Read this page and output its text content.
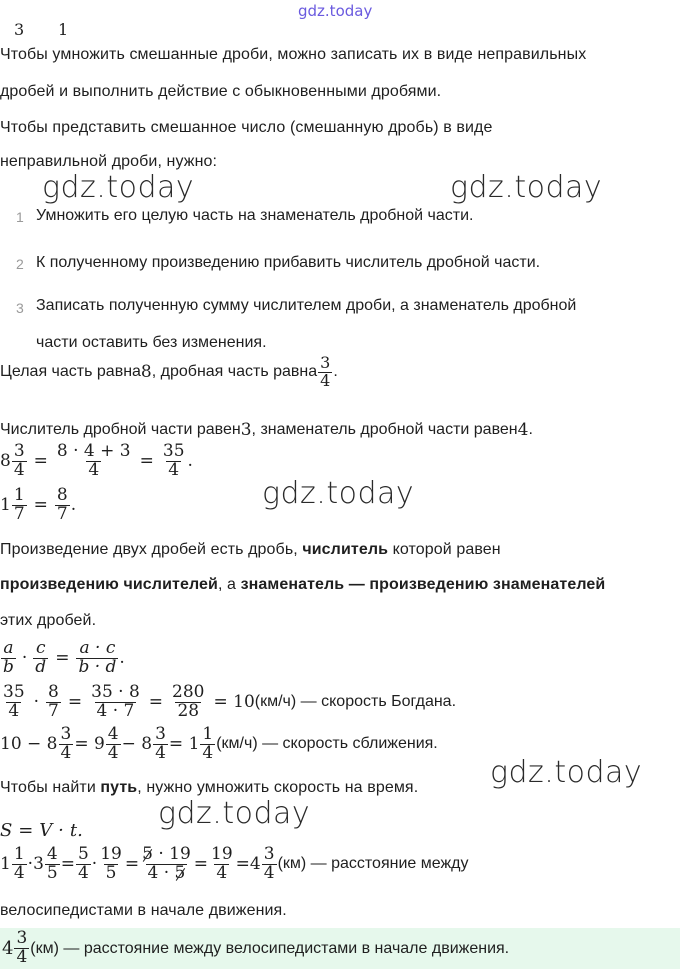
3 1
gdz.today
Чтобы умножить смешанные дроби, можно записать их в виде неправильных
дробей и выполнить действие с обыкновенными дробями.
Чтобы представить смешанное число (смешанную дробь) в виде
неправильной дроби, нужно:
gdz.today	gdz.today
gdz.today
gdz.today
gdz.today
1 Умножить его целую часть на знаменатель дробной части.
2 К полученному произведению прибавить числитель дробной части.
3 Записать полученную сумму числителем дроби, а знаменатель дробной
части оставить без изменения.
Целая часть равна 8 , дробная часть равна $\frac{3}{4}$ .
Числитель дробной части равен 3 , знаменатель дробной части равен 4 .
$8 \frac{3}{4} = \frac{8 \cdot 4 + 3}{4} = \frac{35}{4}$ .
$1 \frac{1}{7} = \frac{8}{7}$ .
Произведение двух дробей есть дробь, числитель которой равен
произведению числителей, а знаменатель — произведению знаменателей
этих дробей.
$\frac{a}{b} \cdot \frac{c}{d} = \frac{a \cdot c}{b \cdot d}$ .
$\frac{35}{4} \cdot \frac{8}{7} = \frac{35 \cdot 8}{4 \cdot 7} = \frac{280}{28} = 10$ (км/ч) — скорость Богдана.
$10 - 8 \frac{3}{4} = 9 \frac{4}{4} - 8 \frac{3}{4} = 1 \frac{1}{4} (км/ч)$ — скорость сближения.
Чтобы найти путь, нужно умножить скорость на время.
S = V · t.
$1 \frac{1}{4} \cdot 3 \frac{4}{5} = \frac{5}{4} \cdot \frac{19}{5} = \frac{5 \cdot 19}{4 \cdot 5} = \frac{19}{4} = 4 \frac{3}{4} (км)$ — расстояние между
велосипедистами в начале движения.
$4 \frac{3}{4} (км)$ — расстояние между велосипедистами в начале движения.
